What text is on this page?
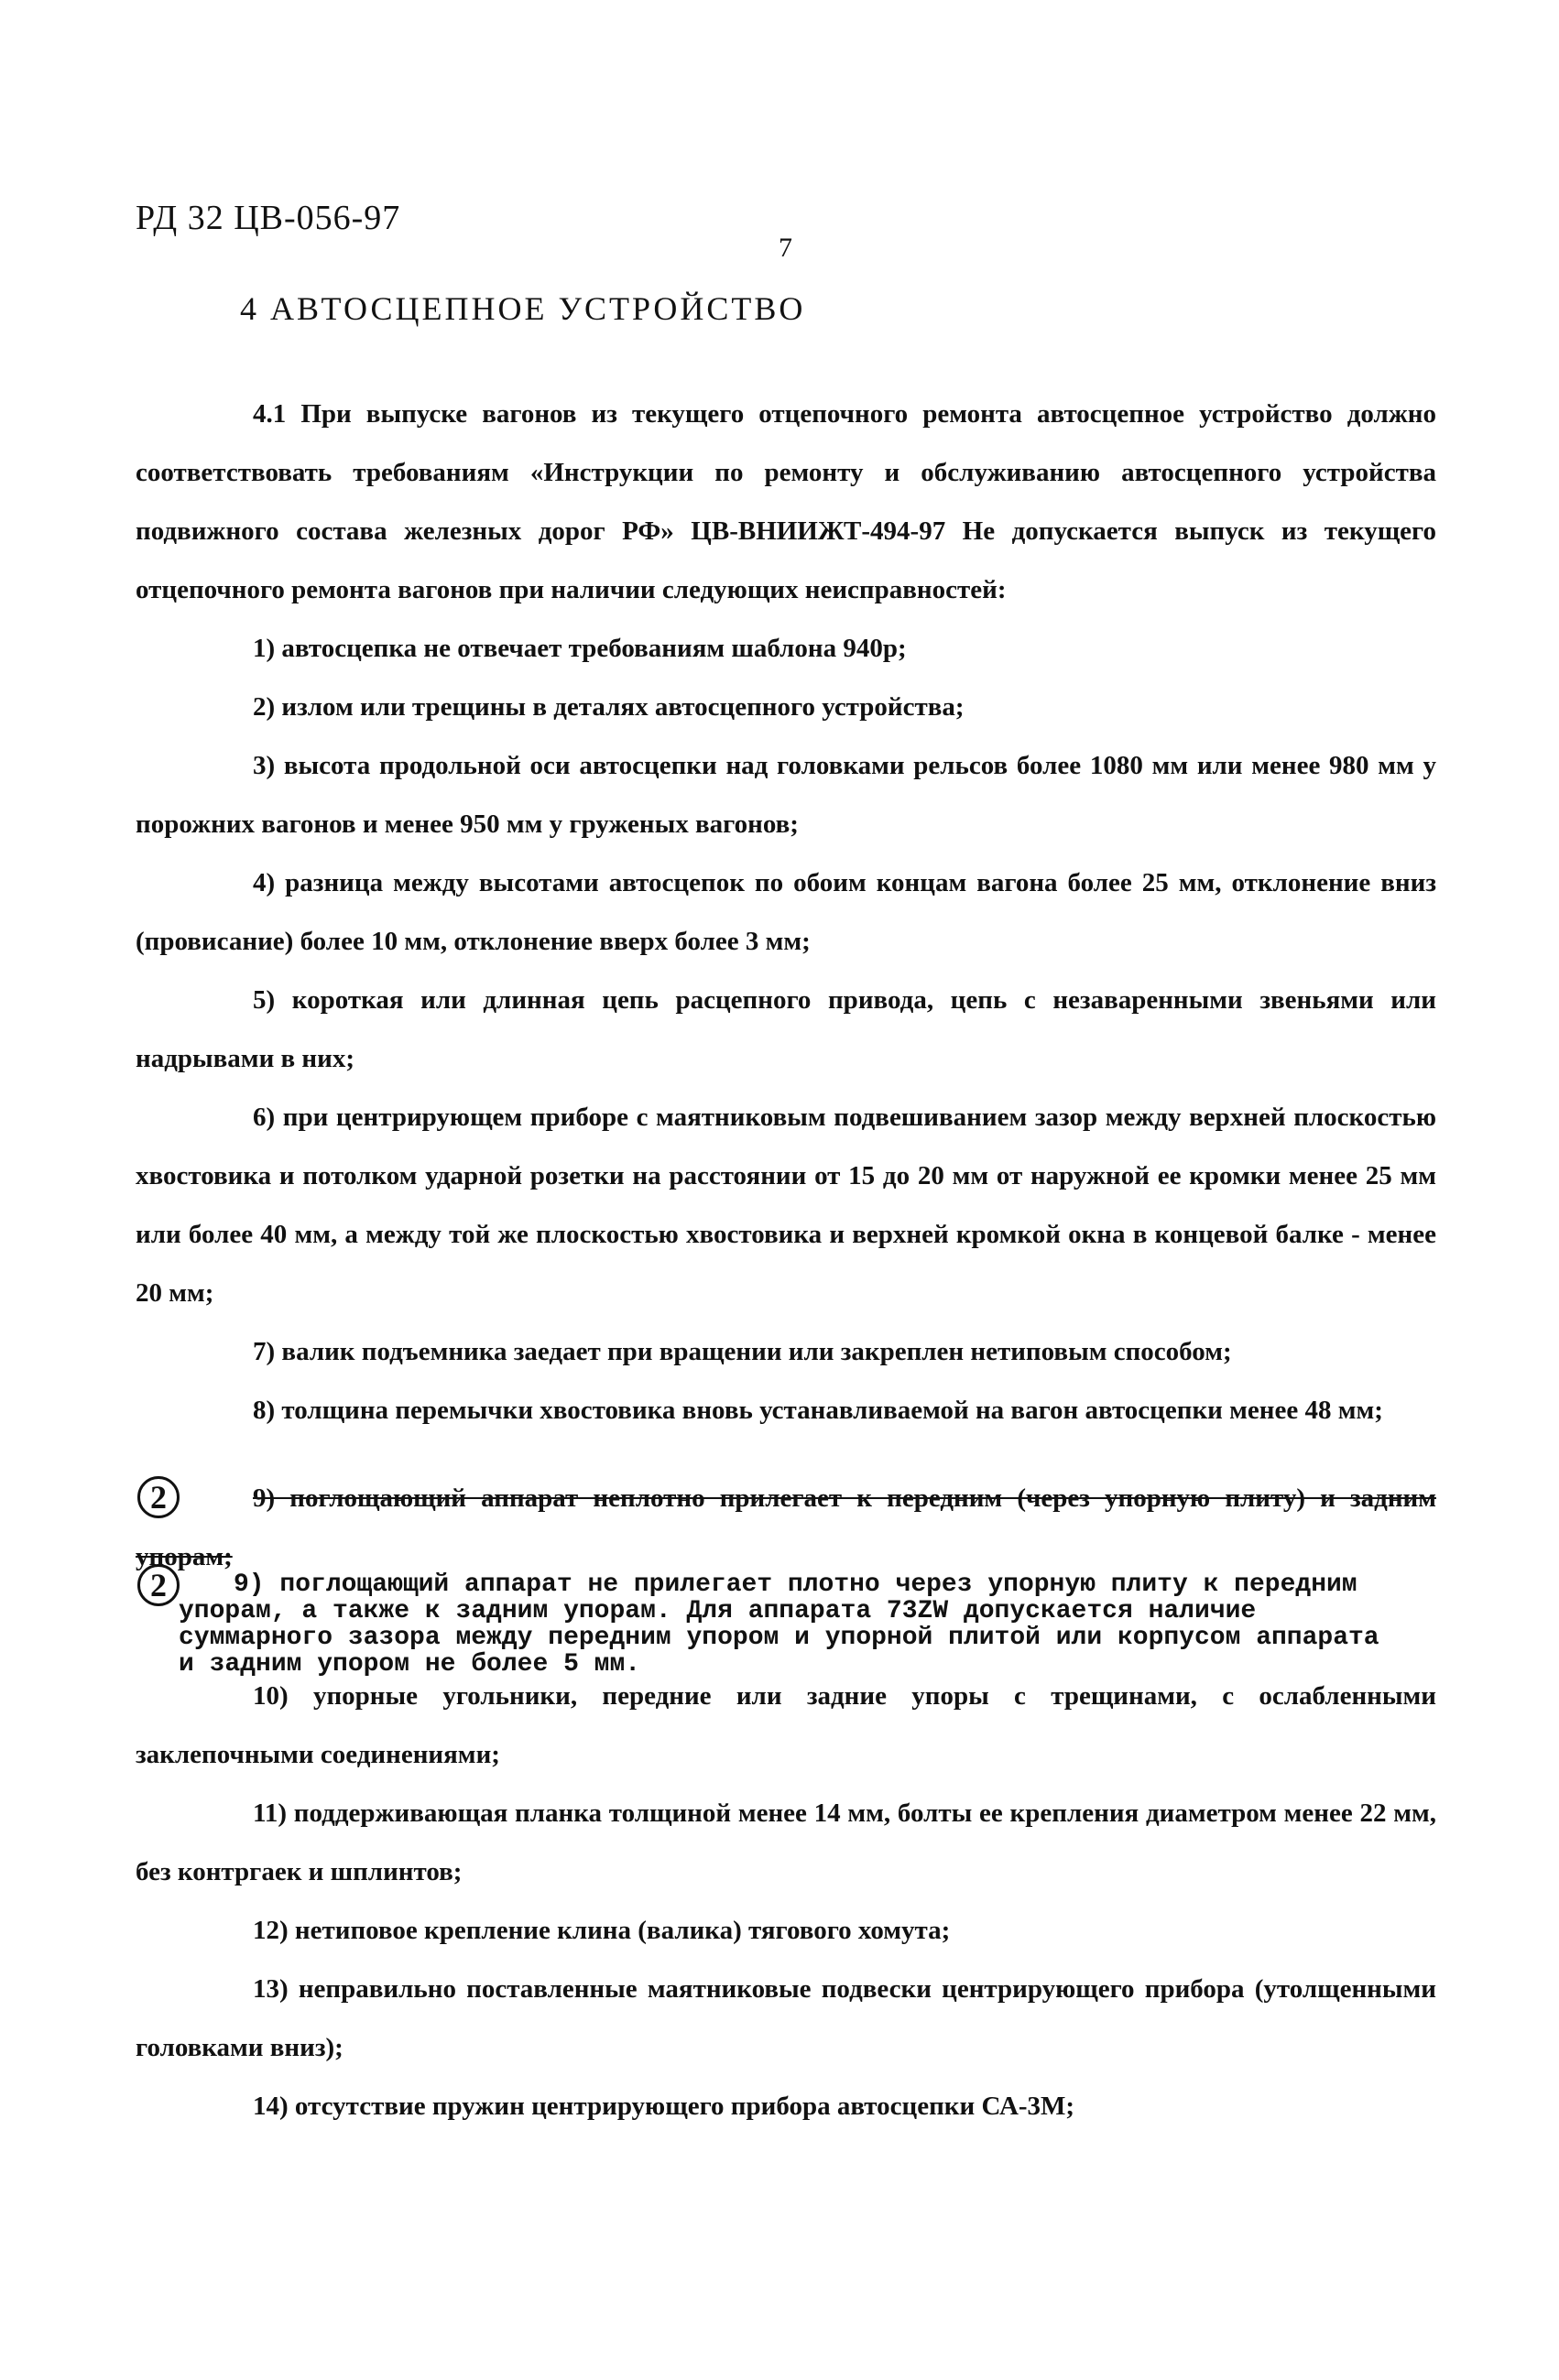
РД 32 ЦВ-056-97
7
4 АВТОСЦЕПНОЕ УСТРОЙСТВО

4.1 При выпуске вагонов из текущего отцепочного ремонта автосцепное устройство должно соответствовать требованиям «Инструкции по ремонту и обслуживанию автосцепного устройства подвижного состава железных дорог РФ» ЦВ-ВНИИЖТ-494-97 Не допускается выпуск из текущего отцепочного ремонта вагонов при наличии следующих неисправностей:

1) автосцепка не отвечает требованиям шаблона 940р;

2) излом или трещины в деталях автосцепного устройства;

3) высота продольной оси автосцепки над головками рельсов более 1080 мм или менее 980 мм у порожних вагонов и менее 950 мм у груженых вагонов;

4) разница между высотами автосцепок по обоим концам вагона более 25 мм, отклонение вниз (провисание) более 10 мм, отклонение вверх более 3 мм;

5) короткая или длинная цепь расцепного привода, цепь с незаваренными звеньями или надрывами в них;

6) при центрирующем приборе с маятниковым подвешиванием зазор между верхней плоскостью хвостовика и потолком ударной розетки на расстоянии от 15 до 20 мм от наружной ее кромки менее 25 мм или более 40 мм, а между той же плоскостью хвостовика и верхней кромкой окна в концевой балке - менее 20 мм;

7) валик подъемника заедает при вращении или закреплен нетиповым способом;

8) толщина перемычки хвостовика вновь устанавливаемой на вагон автосцепки менее 48 мм;

2	9) поглощающий аппарат неплотно прилегает к передним (через упорную плиту) и задним упорам;

2	9) поглощающий аппарат не прилегает плотно через упорную плиту к передним упорам, а также к задним упорам. Для аппарата 73ZW допускается наличие суммарного зазора между передним упором и упорной плитой или корпусом аппарата и задним упором не более 5 мм.

10) упорные угольники, передние или задние упоры с трещинами, с ослабленными заклепочными соединениями;

11) поддерживающая планка толщиной менее 14 мм, болты ее крепления диаметром менее 22 мм, без контргаек и шплинтов;

12) нетиповое крепление клина (валика) тягового хомута;

13) неправильно поставленные маятниковые подвески центрирующего прибора (утолщенными головками вниз);

14) отсутствие пружин центрирующего прибора автосцепки СА-3М;
